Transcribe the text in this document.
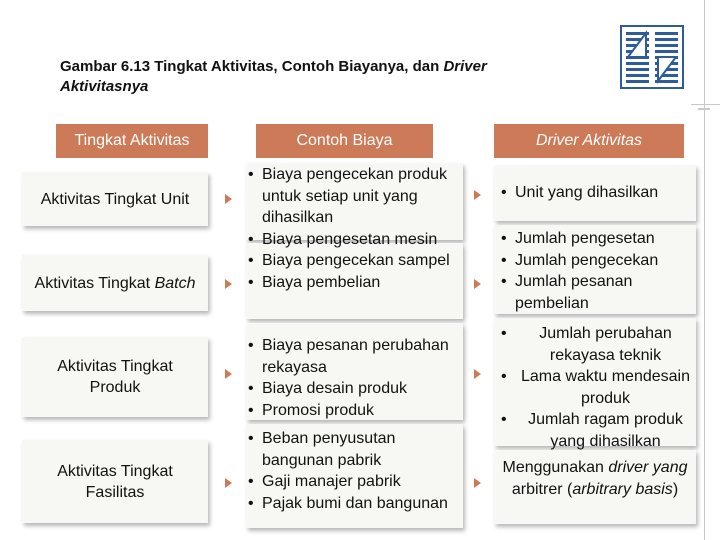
Gambar 6.13 Tingkat Aktivitas, Contoh Biayanya, dan Driver
Aktivitasnya
Tingkat Aktivitas	Contoh Biaya	Driver Aktivitas
Aktivitas Tingkat Unit
Aktivitas Tingkat Batch
Aktivitas Tingkat Produk
Aktivitas Tingkat Fasilitas
• Biaya pengecekan produk untuk setiap unit yang dihasilkan
• Biaya pengesetan mesin
• Biaya pengecekan sampel
• Biaya pembelian
• Biaya pesanan perubahan rekayasa
• Biaya desain produk
• Promosi produk
• Beban penyusutan bangunan pabrik
• Gaji manajer pabrik
• Pajak bumi dan bangunan
• Unit yang dihasilkan
• Jumlah pengesetan
• Jumlah pengecekan
• Jumlah pesanan pembelian
• Jumlah perubahan rekayasa teknik
• Lama waktu mendesain produk
• Jumlah ragam produk yang dihasilkan
Menggunakan driver yang arbitrer (arbitrary basis)
